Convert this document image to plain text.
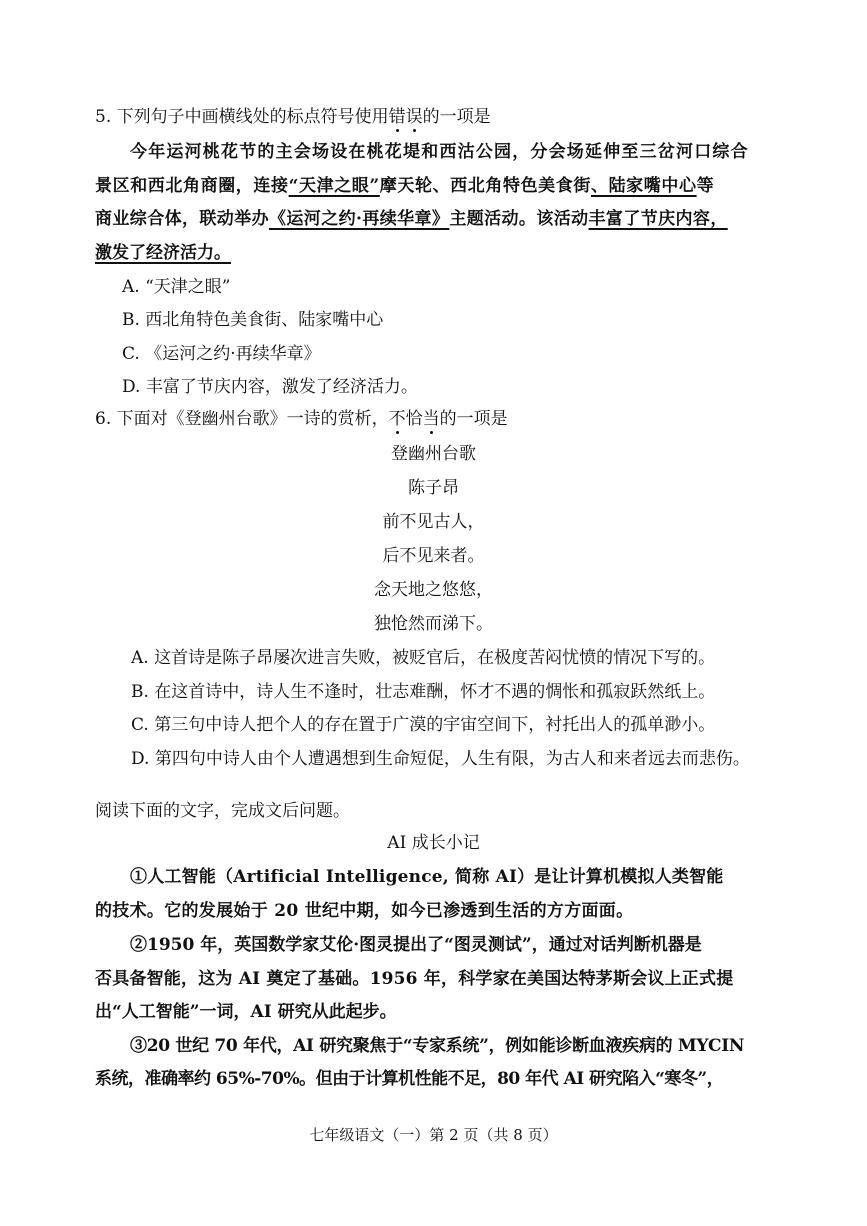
5. 下列句子中画横线处的标点符号使用错误的一项是
今年运河桃花节的主会场设在桃花堤和西沽公园，分会场延伸至三岔河口综合
景区和西北角商圈，连接“天津之眼”摩天轮、西北角特色美食街、陆家嘴中心等
商业综合体，联动举办《运河之约·再续华章》主题活动。该活动丰富了节庆内容，
激发了经济活力。
A. “天津之眼”
B. 西北角特色美食街、陆家嘴中心
C. 《运河之约·再续华章》
D. 丰富了节庆内容，激发了经济活力。
6. 下面对《登幽州台歌》一诗的赏析，不恰当的一项是
登幽州台歌
陈子昂
前不见古人，
后不见来者。
念天地之悠悠，
独怆然而涕下。
A. 这首诗是陈子昂屡次进言失败，被贬官后，在极度苦闷忧愤的情况下写的。
B. 在这首诗中，诗人生不逢时，壮志难酬，怀才不遇的惆怅和孤寂跃然纸上。
C. 第三句中诗人把个人的存在置于广漠的宇宙空间下，衬托出人的孤单渺小。
D. 第四句中诗人由个人遭遇想到生命短促，人生有限，为古人和来者远去而悲伤。
阅读下面的文字，完成文后问题。
AI 成长小记
①人工智能（Artificial Intelligence, 简称 AI）是让计算机模拟人类智能
的技术。它的发展始于 20 世纪中期，如今已渗透到生活的方方面面。
②1950 年，英国数学家艾伦·图灵提出了“图灵测试”，通过对话判断机器是
否具备智能，这为 AI 奠定了基础。1956 年，科学家在美国达特茅斯会议上正式提
出“人工智能”一词，AI 研究从此起步。
③20 世纪 70 年代，AI 研究聚焦于“专家系统”，例如能诊断血液疾病的 MYCIN
系统，准确率约 65%-70%。但由于计算机性能不足，80 年代 AI 研究陷入“寒冬”，
七年级语文（一）第 2 页（共 8 页）
